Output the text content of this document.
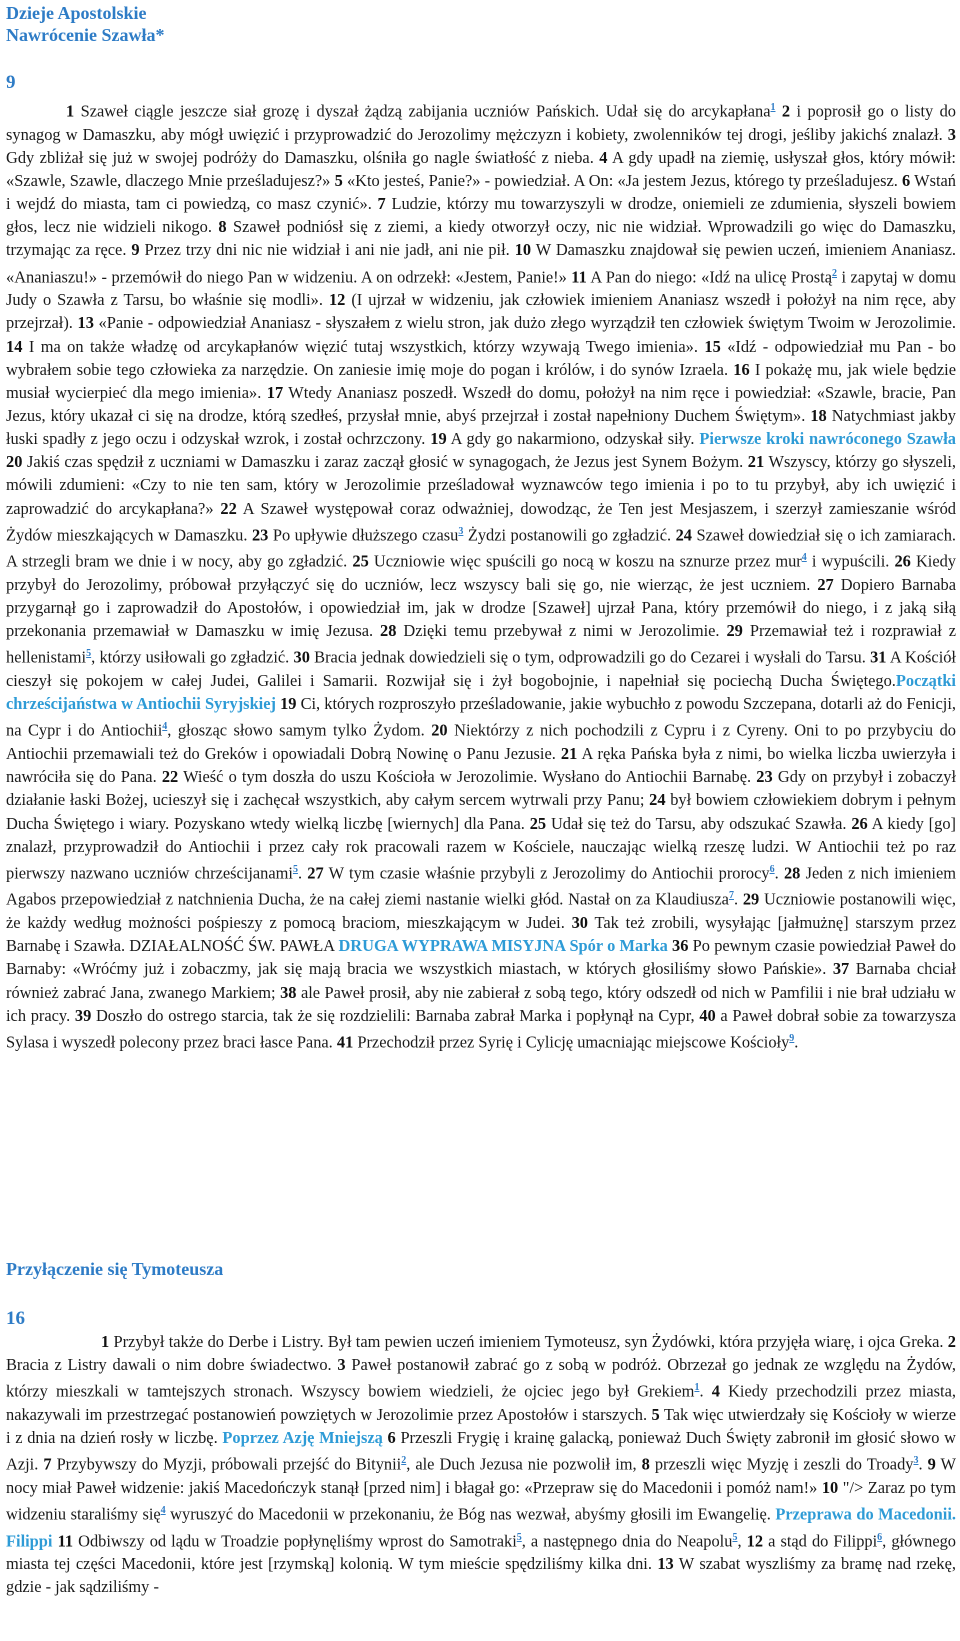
Dzieje Apostolskie
Nawrócenie Szawła*
9
1 Szaweł ciągle jeszcze siał grozę i dyszał żądzą zabijania uczniów Pańskich. Udał się do arcykapłana$^1$ 2 i poprosił go o listy do synagog w Damaszku, aby mógł uwięzić i przyprowadzić do Jerozolimy mężczyzn i kobiety, zwolenników tej drogi, jeśliby jakichś znalazł. 3 Gdy zbliżał się już w swojej podróży do Damaszku, olśniła go nagle światłość z nieba. 4 A gdy upadł na ziemię, usłyszał głos, który mówił: «Szawle, Szawle, dlaczego Mnie prześladujesz?» 5 «Kto jesteś, Panie?» - powiedział. A On: «Ja jestem Jezus, którego ty prześladujesz. 6 Wstań i wejdź do miasta, tam ci powiedzą, co masz czynić». 7 Ludzie, którzy mu towarzyszyli w drodze, oniemieli ze zdumienia, słyszeli bowiem głos, lecz nie widzieli nikogo. 8 Szaweł podniósł się z ziemi, a kiedy otworzył oczy, nic nie widział. Wprowadzili go więc do Damaszku, trzymając za ręce. 9 Przez trzy dni nic nie widział i ani nie jadł, ani nie pił. 10 W Damaszku znajdował się pewien uczeń, imieniem Ananiasz. «Ananiaszu!» - przemówił do niego Pan w widzeniu. A on odrzekł: «Jestem, Panie!» 11 A Pan do niego: «Idź na ulicę Prostą$^2$ i zapytaj w domu Judy o Szawła z Tarsu, bo właśnie się modli». 12 (I ujrzał w widzeniu, jak człowiek imieniem Ananiasz wszedł i położył na nim ręce, aby przejrzał). 13 «Panie - odpowiedział Ananiasz - słyszałem z wielu stron, jak dużo złego wyrządził ten człowiek świętym Twoim w Jerozolimie. 14 I ma on także władzę od arcykapłanów więzić tutaj wszystkich, którzy wzywają Twego imienia». 15 «Idź - odpowiedział mu Pan - bo wybrałem sobie tego człowieka za narzędzie. On zaniesie imię moje do pogan i królów, i do synów Izraela. 16 I pokażę mu, jak wiele będzie musiał wycierpieć dla mego imienia». 17 Wtedy Ananiasz poszedł. Wszedł do domu, położył na nim ręce i powiedział: «Szawle, bracie, Pan Jezus, który ukazał ci się na drodze, którą szedłeś, przysłał mnie, abyś przejrzał i został napełniony Duchem Świętym». 18 Natychmiast jakby łuski spadły z jego oczu i odzyskał wzrok, i został ochrzczony. 19 A gdy go nakarmiono, odzyskał siły. Pierwsze kroki nawróconego Szawła 20 Jakiś czas spędził z uczniami w Damaszku i zaraz zaczął głosić w synagogach, że Jezus jest Synem Bożym. 21 Wszyscy, którzy go słyszeli, mówili zdumieni: «Czy to nie ten sam, który w Jerozolimie prześladował wyznawców tego imienia i po to tu przybył, aby ich uwięzić i zaprowadzić do arcykapłana?» 22 A Szaweł występował coraz odważniej, dowodząc, że Ten jest Mesjaszem, i szerzył zamieszanie wśród Żydów mieszkających w Damaszku. 23 Po upływie dłuższego czasu$^3$ Żydzi postanowili go zgładzić. 24 Szaweł dowiedział się o ich zamiarach. A strzegli bram we dnie i w nocy, aby go zgładzić. 25 Uczniowie więc spuścili go nocą w koszu na sznurze przez mur$^4$ i wypuścili. 26 Kiedy przybył do Jerozolimy, próbował przyłączyć się do uczniów, lecz wszyscy bali się go, nie wierząc, że jest uczniem. 27 Dopiero Barnaba przygarnął go i zaprowadził do Apostołów, i opowiedział im, jak w drodze [Szaweł] ujrzał Pana, który przemówił do niego, i z jaką siłą przekonania przemawiał w Damaszku w imię Jezusa. 28 Dzięki temu przebywał z nimi w Jerozolimie. 29 Przemawiał też i rozprawiał z hellenistami$^5$, którzy usiłowali go zgładzić. 30 Bracia jednak dowiedzieli się o tym, odprowadzili go do Cezarei i wysłali do Tarsu. 31 A Kościół cieszył się pokojem w całej Judei, Galilei i Samarii. Rozwijał się i żył bogobojnie, i napełniał się pociechą Ducha Świętego.Początki chrześcijaństwa w Antiochii Syryjskiej 19 Ci, których rozproszyło prześladowanie, jakie wybuchło z powodu Szczepana, dotarli aż do Fenicji, na Cypr i do Antiochii$^4$, głosząc słowo samym tylko Żydom. 20 Niektórzy z nich pochodzili z Cypru i z Cyreny. Oni to po przybyciu do Antiochii przemawiali też do Greków i opowiadali Dobrą Nowinę o Panu Jezusie. 21 A ręka Pańska była z nimi, bo wielka liczba uwierzyła i nawróciła się do Pana. 22 Wieść o tym doszła do uszu Kościoła w Jerozolimie. Wysłano do Antiochii Barnabę. 23 Gdy on przybył i zobaczył działanie łaski Bożej, ucieszył się i zachęcał wszystkich, aby całym sercem wytrwali przy Panu; 24 był bowiem człowiekiem dobrym i pełnym Ducha Świętego i wiary. Pozyskano wtedy wielką liczbę [wiernych] dla Pana. 25 Udał się też do Tarsu, aby odszukać Szawła. 26 A kiedy [go] znalazł, przyprowadził do Antiochii i przez cały rok pracowali razem w Kościele, nauczając wielką rzeszę ludzi. W Antiochii też po raz pierwszy nazwano uczniów chrześcijanami$^5$. 27 W tym czasie właśnie przybyli z Jerozolimy do Antiochii prorocy$^6$. 28 Jeden z nich imieniem Agabos przepowiedział z natchnienia Ducha, że na całej ziemi nastanie wielki głód. Nastał on za Klaudiusza$^7$. 29 Uczniowie postanowili więc, że każdy według możności pośpieszy z pomocą braciom, mieszkającym w Judei. 30 Tak też zrobili, wysyłając [jałmużnę] starszym przez Barnabę i Szawła. DZIAŁALNOŚĆ ŚW. PAWŁA DRUGA WYPRAWA MISYJNA Spór o Marka 36 Po pewnym czasie powiedział Paweł do Barnaby: «Wróćmy już i zobaczmy, jak się mają bracia we wszystkich miastach, w których głosiliśmy słowo Pańskie». 37 Barnaba chciał również zabrać Jana, zwanego Markiem; 38 ale Paweł prosił, aby nie zabierał z sobą tego, który odszedł od nich w Pamfilii i nie brał udziału w ich pracy. 39 Doszło do ostrego starcia, tak że się rozdzielili: Barnaba zabrał Marka i popłynął na Cypr, 40 a Paweł dobrał sobie za towarzysza Sylasa i wyszedł polecony przez braci łasce Pana. 41 Przechodził przez Syrię i Cylicję umacniając miejscowe Kościoły$^9$.
Przyłączenie się Tymoteusza
16
1 Przybył także do Derbe i Listry. Był tam pewien uczeń imieniem Tymoteusz, syn Żydówki, która przyjęła wiarę, i ojca Greka. 2 Bracia z Listry dawali o nim dobre świadectwo. 3 Paweł postanowił zabrać go z sobą w podróż. Obrzezał go jednak ze względu na Żydów, którzy mieszkali w tamtejszych stronach. Wszyscy bowiem wiedzieli, że ojciec jego był Grekiem$^1$. 4 Kiedy przechodzili przez miasta, nakazywali im przestrzegać postanowień powziętych w Jerozolimie przez Apostołów i starszych. 5 Tak więc utwierdzały się Kościoły w wierze i z dnia na dzień rosły w liczbę. Poprzez Azję Mniejszą 6 Przeszli Frygię i krainę galacką, ponieważ Duch Święty zabronił im głosić słowo w Azji. 7 Przybywszy do Myzji, próbowali przejść do Bitynii$^2$, ale Duch Jezusa nie pozwolił im, 8 przeszli więc Myzję i zeszli do Troady$^3$. 9 W nocy miał Paweł widzenie: jakiś Macedończyk stanął [przed nim] i błagał go: «Przepraw się do Macedonii i pomóż nam!» 10 "/> Zaraz po tym widzeniu staraliśmy się$^4$ wyruszyć do Macedonii w przekonaniu, że Bóg nas wezwał, abyśmy głosili im Ewangelię. Przeprawa do Macedonii. Filippi 11 Odbiwszy od lądu w Troadzie popłynęliśmy wprost do Samotraki$^5$, a następnego dnia do Neapolu$^5$, 12 a stąd do Filippi$^6$, głównego miasta tej części Macedonii, które jest [rzymską] kolonią. W tym mieście spędziliśmy kilka dni. 13 W szabat wyszliśmy za bramę nad rzekę, gdzie - jak sądziliśmy -
